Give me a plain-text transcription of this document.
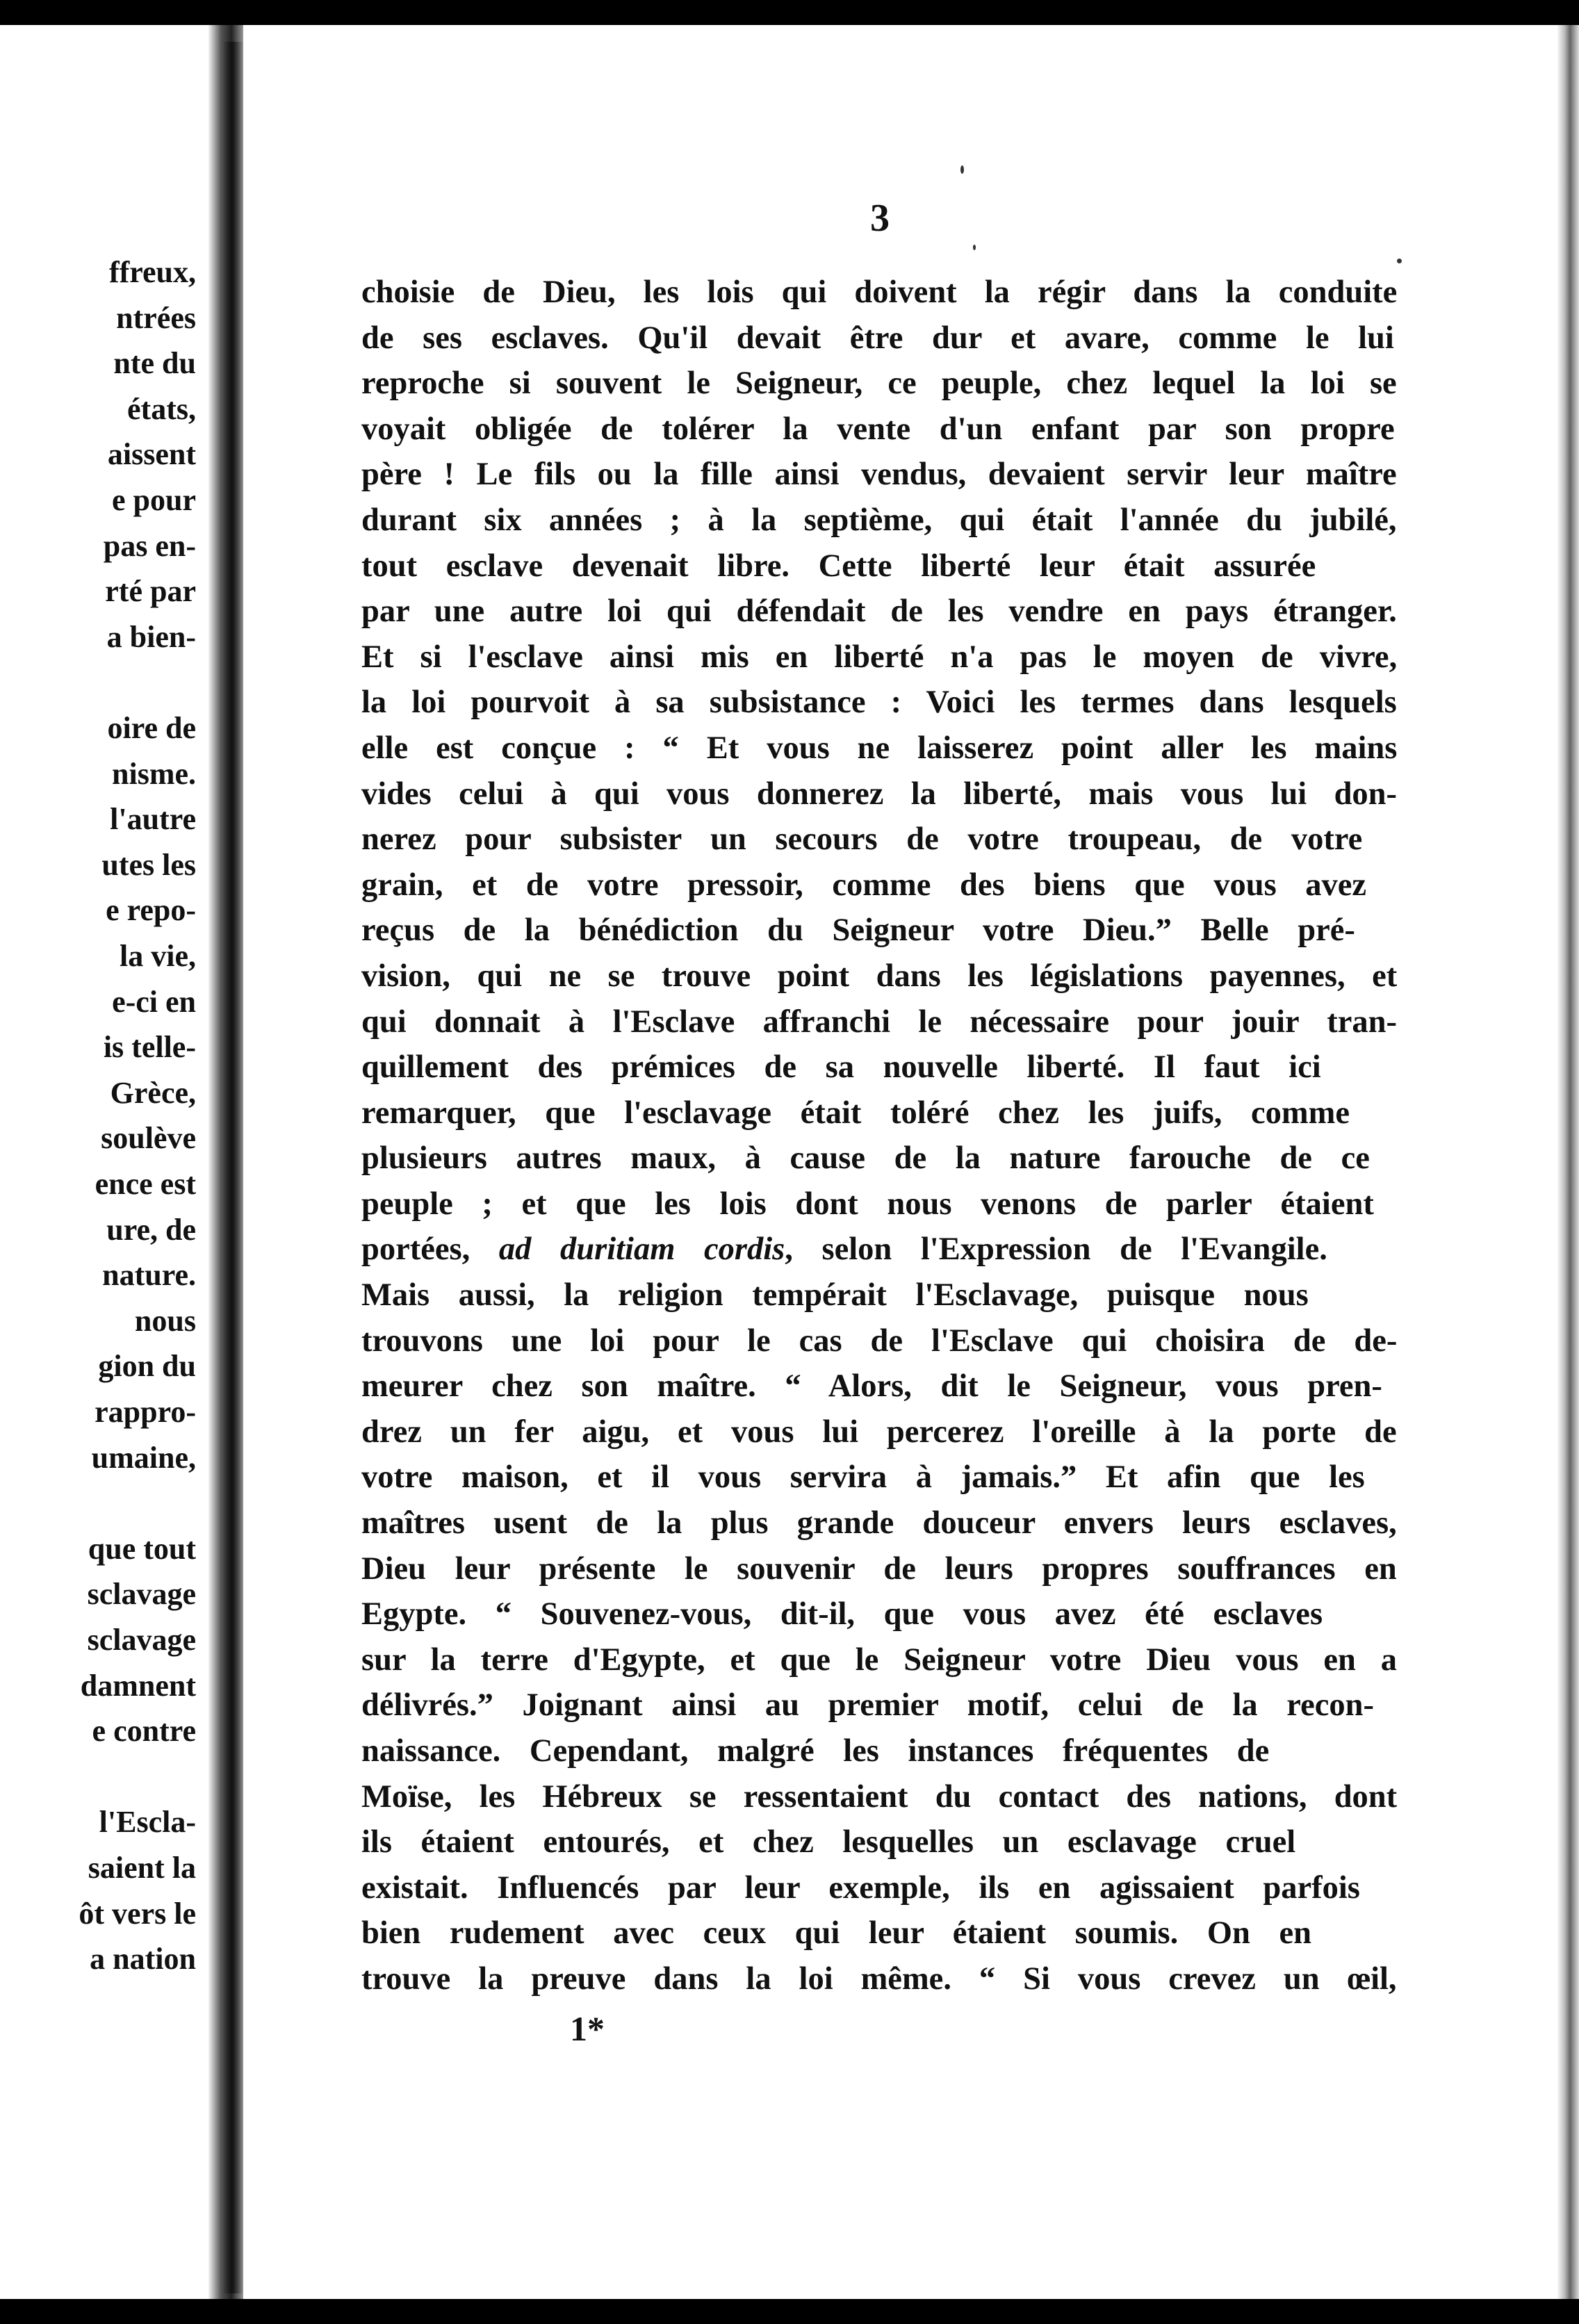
ffreux,
ntrées
nte du
états,
aissent
e pour
pas en-
rté par
a bien-
oire de
nisme.
l'autre
utes les
e repo-
la vie,
e-ci en
is telle-
Grèce,
soulève
ence est
ure, de
nature.
nous
gion du
rappro-
umaine,
que tout
sclavage
sclavage
damnent
e contre
l'Escla-
saient la
ôt vers le
a nation
3
choisie de Dieu, les lois qui doivent la régir dans la conduite
de ses esclaves. Qu'il devait être dur et avare, comme le lui
reproche si souvent le Seigneur, ce peuple, chez lequel la loi se
voyait obligée de tolérer la vente d'un enfant par son propre
père ! Le fils ou la fille ainsi vendus, devaient servir leur maître
durant six années ; à la septième, qui était l'année du jubilé,
tout esclave devenait libre. Cette liberté leur était assurée
par une autre loi qui défendait de les vendre en pays étranger.
Et si l'esclave ainsi mis en liberté n'a pas le moyen de vivre,
la loi pourvoit à sa subsistance : Voici les termes dans lesquels
elle est conçue : “ Et vous ne laisserez point aller les mains
vides celui à qui vous donnerez la liberté, mais vous lui don-
nerez pour subsister un secours de votre troupeau, de votre
grain, et de votre pressoir, comme des biens que vous avez
reçus de la bénédiction du Seigneur votre Dieu.” Belle pré-
vision, qui ne se trouve point dans les législations payennes, et
qui donnait à l'Esclave affranchi le nécessaire pour jouir tran-
quillement des prémices de sa nouvelle liberté. Il faut ici
remarquer, que l'esclavage était toléré chez les juifs, comme
plusieurs autres maux, à cause de la nature farouche de ce
peuple ; et que les lois dont nous venons de parler étaient
portées, ad duritiam cordis, selon l'Expression de l'Evangile.
Mais aussi, la religion tempérait l'Esclavage, puisque nous
trouvons une loi pour le cas de l'Esclave qui choisira de de-
meurer chez son maître. “ Alors, dit le Seigneur, vous pren-
drez un fer aigu, et vous lui percerez l'oreille à la porte de
votre maison, et il vous servira à jamais.” Et afin que les
maîtres usent de la plus grande douceur envers leurs esclaves,
Dieu leur présente le souvenir de leurs propres souffrances en
Egypte. “ Souvenez-vous, dit-il, que vous avez été esclaves
sur la terre d'Egypte, et que le Seigneur votre Dieu vous en a
délivrés.” Joignant ainsi au premier motif, celui de la recon-
naissance. Cependant, malgré les instances fréquentes de
Moïse, les Hébreux se ressentaient du contact des nations, dont
ils étaient entourés, et chez lesquelles un esclavage cruel
existait. Influencés par leur exemple, ils en agissaient parfois
bien rudement avec ceux qui leur étaient soumis. On en
trouve la preuve dans la loi même. “ Si vous crevez un œil,
1*
